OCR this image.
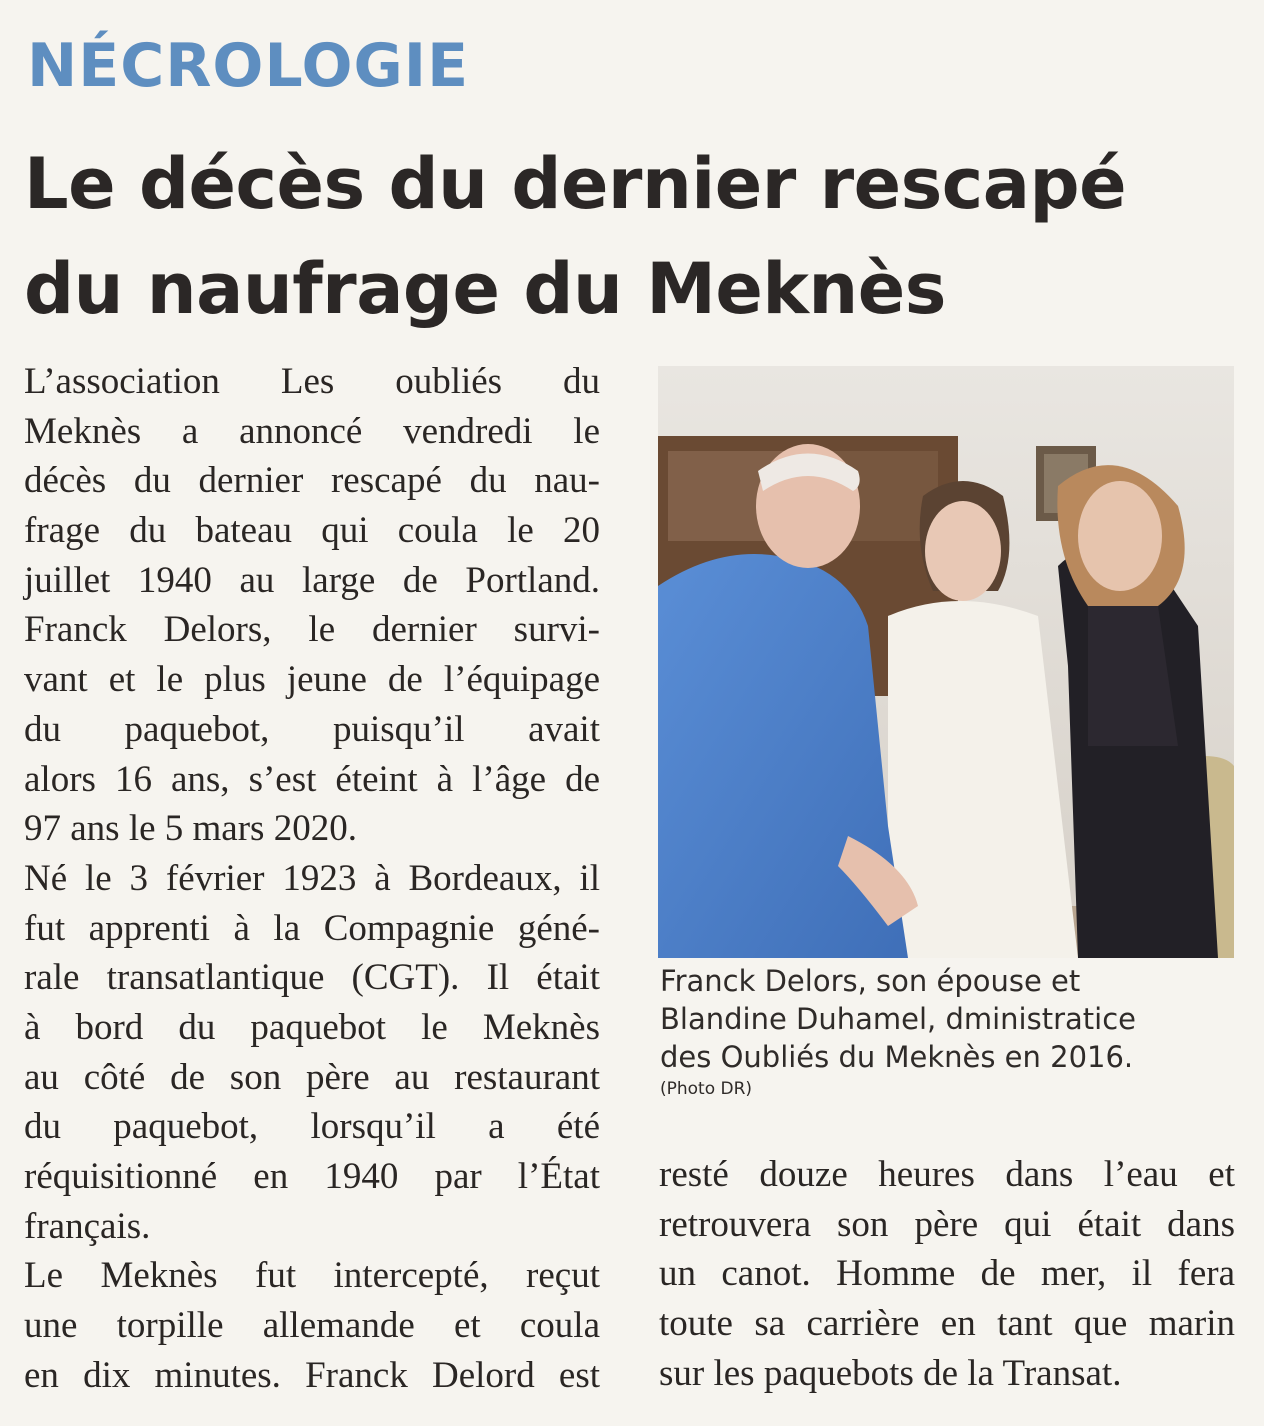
NÉCROLOGIE
Le décès du dernier rescapé
du naufrage du Meknès
L’association Les oubliés du
Meknès a annoncé vendredi le
décès du dernier rescapé du nau-
frage du bateau qui coula le 20
juillet 1940 au large de Portland.
Franck Delors, le dernier survi-
vant et le plus jeune de l’équipage
du paquebot, puisqu’il avait
alors 16 ans, s’est éteint à l’âge de
97 ans le 5 mars 2020.
Né le 3 février 1923 à Bordeaux, il
fut apprenti à la Compagnie géné-
rale transatlantique (CGT). Il était
à bord du paquebot le Meknès
au côté de son père au restaurant
du paquebot, lorsqu’il a été
réquisitionné en 1940 par l’État
français.
Le Meknès fut intercepté, reçut
une torpille allemande et coula
en dix minutes. Franck Delord est
Franck Delors, son épouse et
Blandine Duhamel, dministratice
des Oubliés du Meknès en 2016.
(Photo DR)
resté douze heures dans l’eau et
retrouvera son père qui était dans
un canot. Homme de mer, il fera
toute sa carrière en tant que marin
sur les paquebots de la Transat.
